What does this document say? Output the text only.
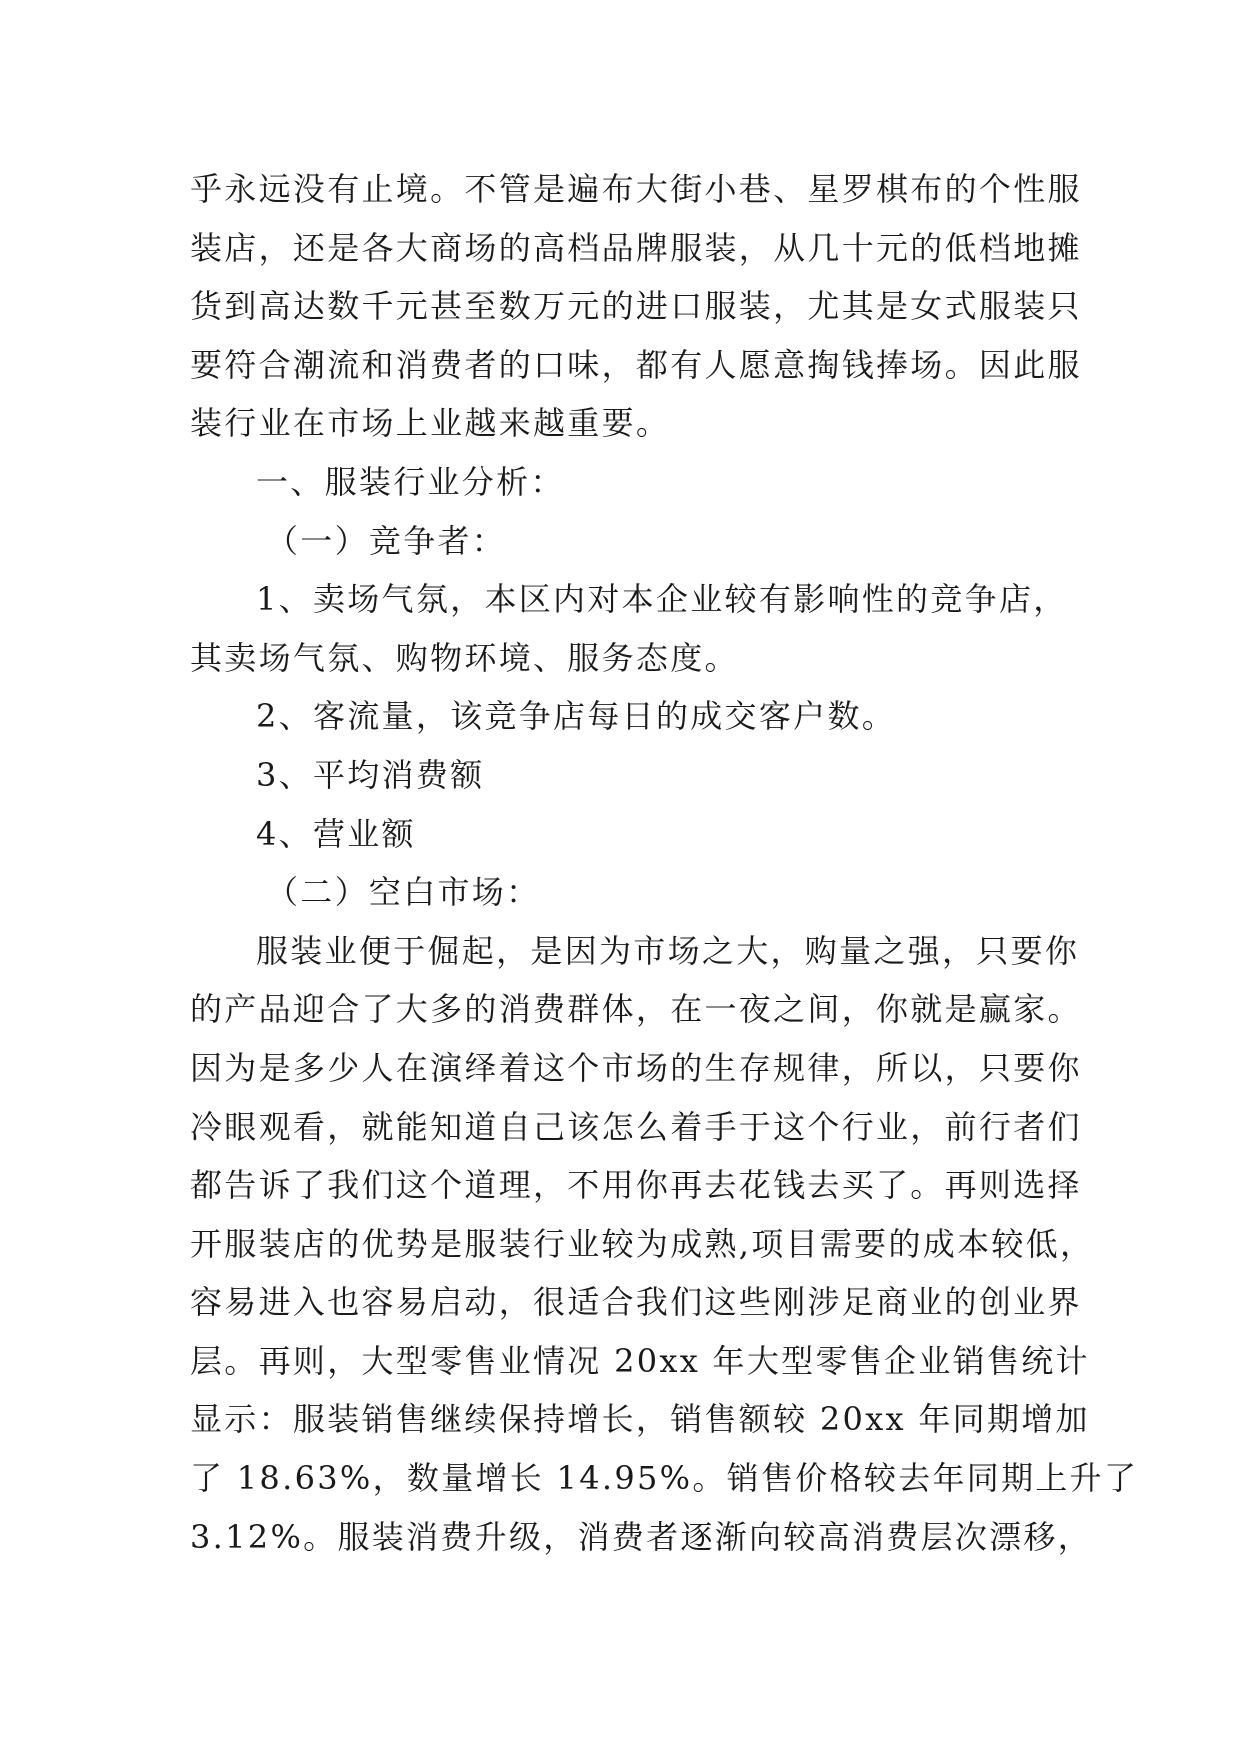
乎永远没有止境。不管是遍布大街小巷、星罗棋布的个性服

装店，还是各大商场的高档品牌服装，从几十元的低档地摊

货到高达数千元甚至数万元的进口服装，尤其是女式服装只

要符合潮流和消费者的口味，都有人愿意掏钱捧场。因此服

装行业在市场上业越来越重要。

一、服装行业分析：

（一）竞争者：

1、卖场气氛，本区内对本企业较有影响性的竞争店，

其卖场气氛、购物环境、服务态度。

2、客流量，该竞争店每日的成交客户数。

3、平均消费额

4、营业额

（二）空白市场：

服装业便于倔起，是因为市场之大，购量之强，只要你

的产品迎合了大多的消费群体，在一夜之间，你就是赢家。

因为是多少人在演绎着这个市场的生存规律，所以，只要你

冷眼观看，就能知道自己该怎么着手于这个行业，前行者们

都告诉了我们这个道理，不用你再去花钱去买了。再则选择

开服装店的优势是服装行业较为成熟,项目需要的成本较低，

容易进入也容易启动，很适合我们这些刚涉足商业的创业界

层。再则，大型零售业情况 20xx 年大型零售企业销售统计

显示：服装销售继续保持增长，销售额较 20xx 年同期增加

了 18.63%，数量增长 14.95%。销售价格较去年同期上升了

3.12%。服装消费升级，消费者逐渐向较高消费层次漂移，
